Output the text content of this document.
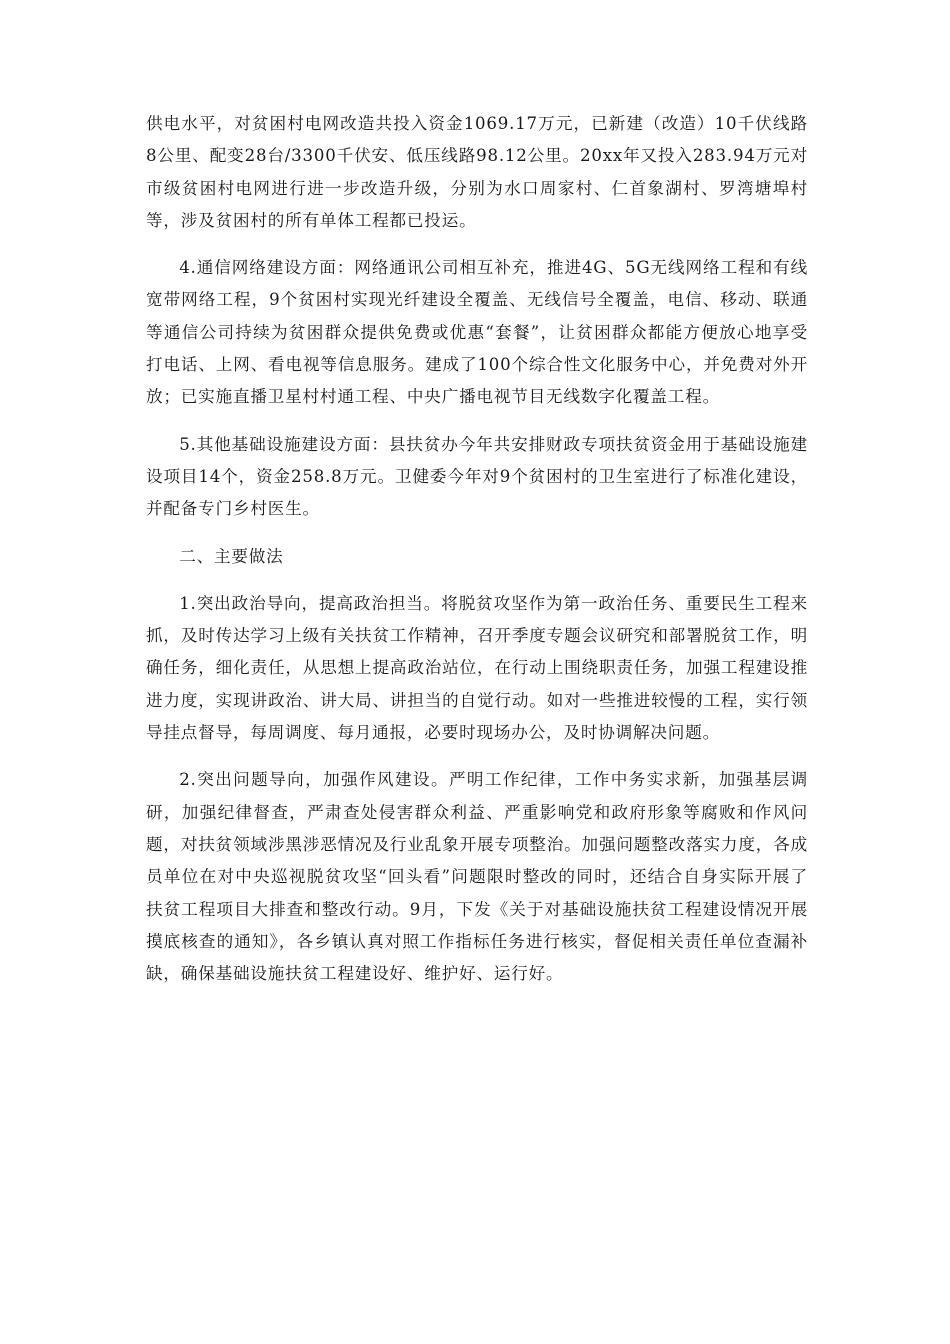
供电水平，对贫困村电网改造共投入资金1069.17万元，已新建（改造）10千伏线路8公里、配变28台/3300千伏安、低压线路98.12公里。20xx年又投入283.94万元对市级贫困村电网进行进一步改造升级，分别为水口周家村、仁首象湖村、罗湾塘埠村等，涉及贫困村的所有单体工程都已投运。

4.通信网络建设方面：网络通讯公司相互补充，推进4G、5G无线网络工程和有线宽带网络工程，9个贫困村实现光纤建设全覆盖、无线信号全覆盖，电信、移动、联通等通信公司持续为贫困群众提供免费或优惠“套餐”，让贫困群众都能方便放心地享受打电话、上网、看电视等信息服务。建成了100个综合性文化服务中心，并免费对外开放；已实施直播卫星村村通工程、中央广播电视节目无线数字化覆盖工程。

5.其他基础设施建设方面：县扶贫办今年共安排财政专项扶贫资金用于基础设施建设项目14个，资金258.8万元。卫健委今年对9个贫困村的卫生室进行了标准化建设，并配备专门乡村医生。

二、主要做法

1.突出政治导向，提高政治担当。将脱贫攻坚作为第一政治任务、重要民生工程来抓，及时传达学习上级有关扶贫工作精神，召开季度专题会议研究和部署脱贫工作，明确任务，细化责任，从思想上提高政治站位，在行动上围绕职责任务，加强工程建设推进力度，实现讲政治、讲大局、讲担当的自觉行动。如对一些推进较慢的工程，实行领导挂点督导，每周调度、每月通报，必要时现场办公，及时协调解决问题。

2.突出问题导向，加强作风建设。严明工作纪律，工作中务实求新，加强基层调研，加强纪律督查，严肃查处侵害群众利益、严重影响党和政府形象等腐败和作风问题，对扶贫领域涉黑涉恶情况及行业乱象开展专项整治。加强问题整改落实力度，各成员单位在对中央巡视脱贫攻坚“回头看”问题限时整改的同时，还结合自身实际开展了扶贫工程项目大排查和整改行动。9月，下发《关于对基础设施扶贫工程建设情况开展摸底核查的通知》，各乡镇认真对照工作指标任务进行核实，督促相关责任单位查漏补缺，确保基础设施扶贫工程建设好、维护好、运行好。
